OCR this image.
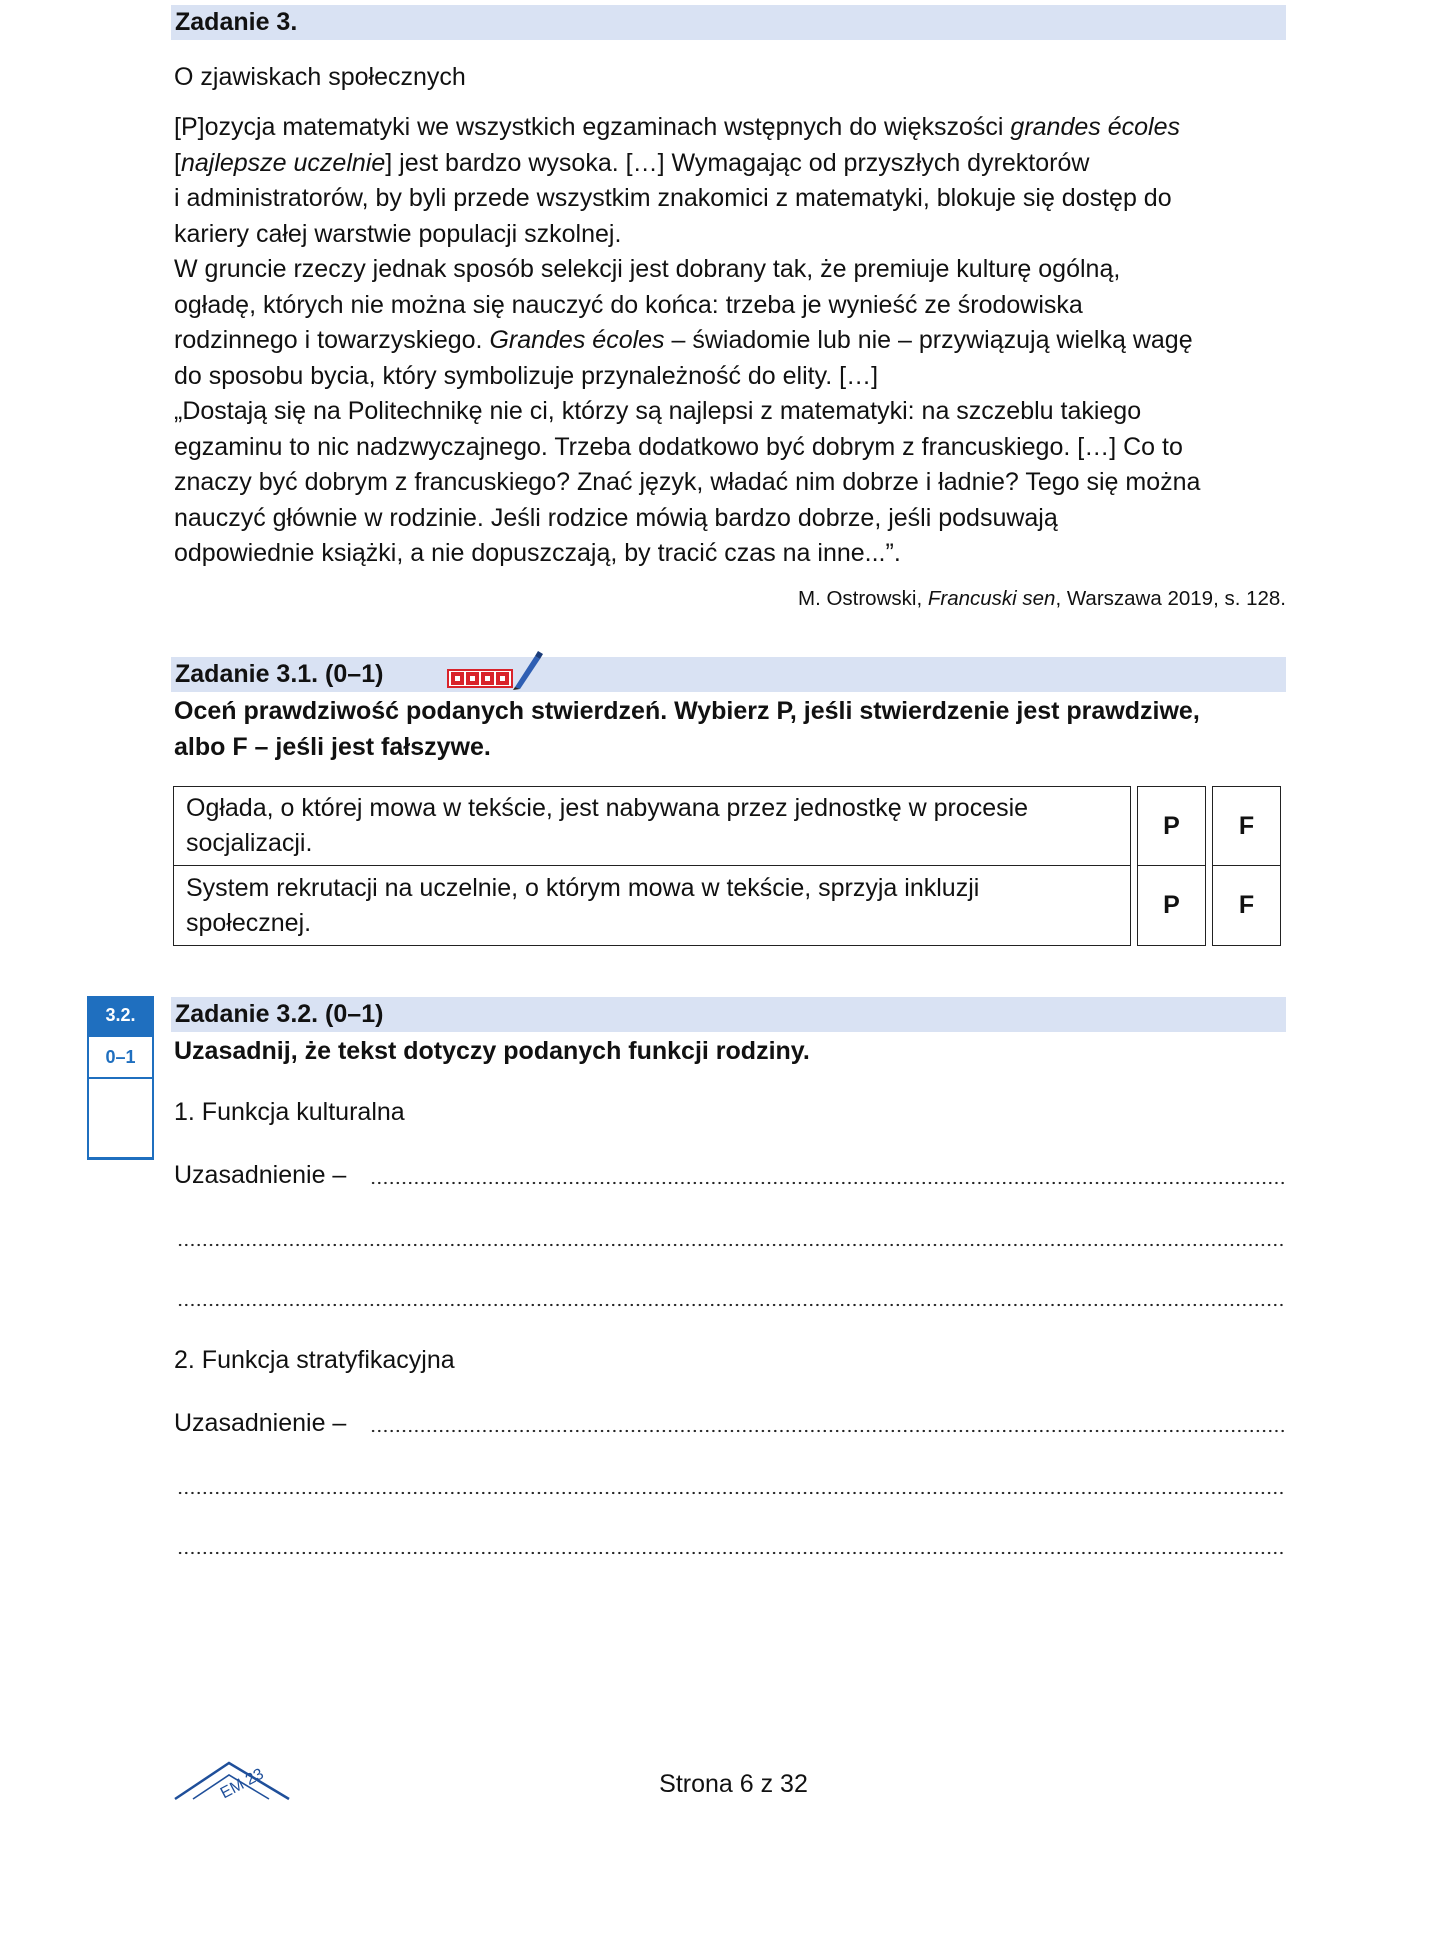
Zadanie 3.
O zjawiskach społecznych
[P]ozycja matematyki we wszystkich egzaminach wstępnych do większości grandes écoles
[najlepsze uczelnie] jest bardzo wysoka. […] Wymagając od przyszłych dyrektorów
i administratorów, by byli przede wszystkim znakomici z matematyki, blokuje się dostęp do
kariery całej warstwie populacji szkolnej.
W gruncie rzeczy jednak sposób selekcji jest dobrany tak, że premiuje kulturę ogólną,
ogładę, których nie można się nauczyć do końca: trzeba je wynieść ze środowiska
rodzinnego i towarzyskiego. Grandes écoles – świadomie lub nie – przywiązują wielką wagę
do sposobu bycia, który symbolizuje przynależność do elity. […]
„Dostają się na Politechnikę nie ci, którzy są najlepsi z matematyki: na szczeblu takiego
egzaminu to nic nadzwyczajnego. Trzeba dodatkowo być dobrym z francuskiego. […] Co to
znaczy być dobrym z francuskiego? Znać język, władać nim dobrze i ładnie? Tego się można
nauczyć głównie w rodzinie. Jeśli rodzice mówią bardzo dobrze, jeśli podsuwają
odpowiednie książki, a nie dopuszczają, by tracić czas na inne...”.
M. Ostrowski, Francuski sen, Warszawa 2019, s. 128.
Zadanie 3.1. (0–1)
Oceń prawdziwość podanych stwierdzeń. Wybierz P, jeśli stwierdzenie jest prawdziwe,
albo F – jeśli jest fałszywe.
Ogłada, o której mowa w tekście, jest nabywana przez jednostkę w procesie
socjalizacji.		P		F

System rekrutacji na uczelnie, o którym mowa w tekście, sprzyja inkluzji
społecznej.		P		F
3.2.
0–1
Zadanie 3.2. (0–1)
Uzasadnij, że tekst dotyczy podanych funkcji rodziny.
1. Funkcja kulturalna
Uzasadnienie –
2. Funkcja stratyfikacyjna
Uzasadnienie –
EM 23	Strona 6 z 32
